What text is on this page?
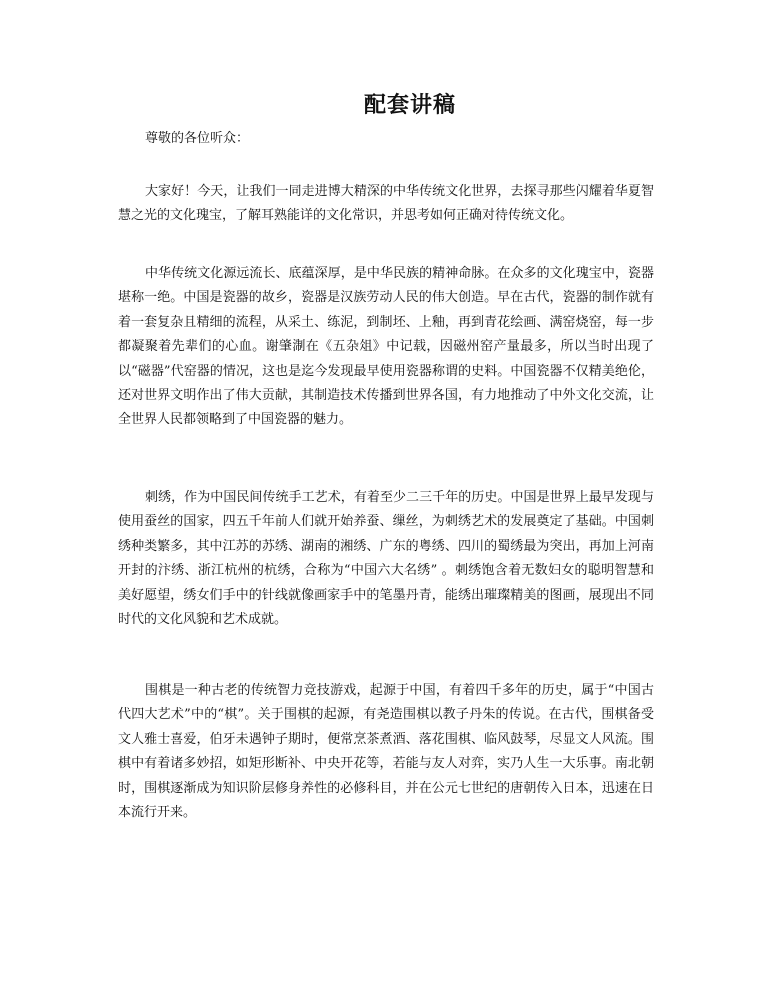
配套讲稿

尊敬的各位听众：

大家好！今天，让我们一同走进博大精深的中华传统文化世界，去探寻那些闪耀着华夏智慧之光的文化瑰宝，了解耳熟能详的文化常识，并思考如何正确对待传统文化。

中华传统文化源远流长、底蕴深厚，是中华民族的精神命脉。在众多的文化瑰宝中，瓷器堪称一绝。中国是瓷器的故乡，瓷器是汉族劳动人民的伟大创造。早在古代，瓷器的制作就有着一套复杂且精细的流程，从采土、练泥，到制坯、上釉，再到青花绘画、满窑烧窑，每一步都凝聚着先辈们的心血。谢肇淛在《五杂俎》中记载，因磁州窑产量最多，所以当时出现了以“磁器”代窑器的情况，这也是迄今发现最早使用瓷器称谓的史料。中国瓷器不仅精美绝伦，还对世界文明作出了伟大贡献，其制造技术传播到世界各国，有力地推动了中外文化交流，让全世界人民都领略到了中国瓷器的魅力。

刺绣，作为中国民间传统手工艺术，有着至少二三千年的历史。中国是世界上最早发现与使用蚕丝的国家，四五千年前人们就开始养蚕、缫丝，为刺绣艺术的发展奠定了基础。中国刺绣种类繁多，其中江苏的苏绣、湖南的湘绣、广东的粤绣、四川的蜀绣最为突出，再加上河南开封的汴绣、浙江杭州的杭绣，合称为“中国六大名绣” 。刺绣饱含着无数妇女的聪明智慧和美好愿望，绣女们手中的针线就像画家手中的笔墨丹青，能绣出璀璨精美的图画，展现出不同时代的文化风貌和艺术成就。

围棋是一种古老的传统智力竞技游戏，起源于中国，有着四千多年的历史，属于“中国古代四大艺术”中的“棋”。关于围棋的起源，有尧造围棋以教子丹朱的传说。在古代，围棋备受文人雅士喜爱，伯牙未遇钟子期时，便常烹茶煮酒、落花围棋、临风鼓琴，尽显文人风流。围棋中有着诸多妙招，如矩形断补、中央开花等，若能与友人对弈，实乃人生一大乐事。南北朝时，围棋逐渐成为知识阶层修身养性的必修科目，并在公元七世纪的唐朝传入日本，迅速在日本流行开来。
